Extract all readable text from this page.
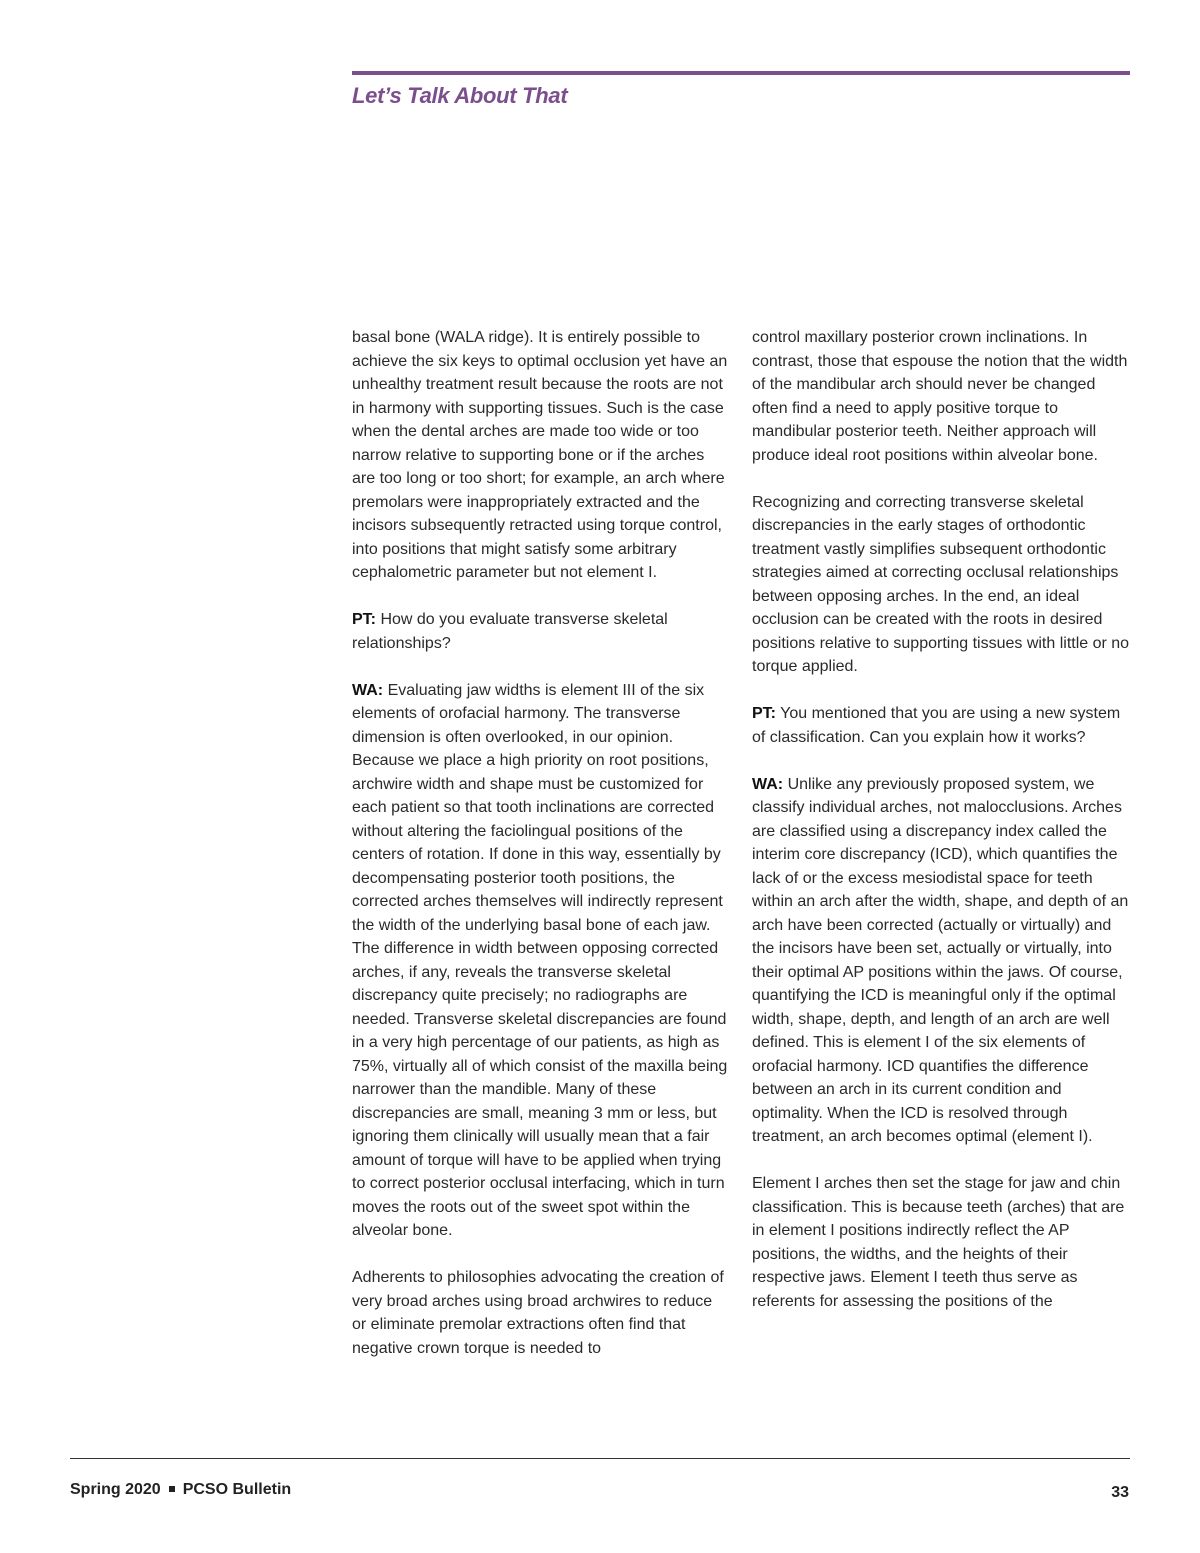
Let’s Talk About That

basal bone (WALA ridge). It is entirely possible to achieve the six keys to optimal occlusion yet have an unhealthy treatment result because the roots are not in harmony with supporting tissues. Such is the case when the dental arches are made too wide or too narrow relative to supporting bone or if the arches are too long or too short; for example, an arch where premolars were inappropriately extracted and the incisors subsequently retracted using torque control, into positions that might satisfy some arbitrary cephalometric parameter but not element I.

PT: How do you evaluate transverse skeletal relationships?

WA: Evaluating jaw widths is element III of the six elements of orofacial harmony. The transverse dimension is often overlooked, in our opinion. Because we place a high priority on root positions, archwire width and shape must be customized for each patient so that tooth inclinations are corrected without altering the faciolingual positions of the centers of rotation. If done in this way, essentially by decompensating posterior tooth positions, the corrected arches themselves will indirectly represent the width of the underlying basal bone of each jaw. The difference in width between opposing corrected arches, if any, reveals the transverse skeletal discrepancy quite precisely; no radiographs are needed. Transverse skeletal discrepancies are found in a very high percentage of our patients, as high as 75%, virtually all of which consist of the maxilla being narrower than the mandible. Many of these discrepancies are small, meaning 3 mm or less, but ignoring them clinically will usually mean that a fair amount of torque will have to be applied when trying to correct posterior occlusal interfacing, which in turn moves the roots out of the sweet spot within the alveolar bone.

Adherents to philosophies advocating the creation of very broad arches using broad archwires to reduce or eliminate premolar extractions often find that negative crown torque is needed to

control maxillary posterior crown inclinations. In contrast, those that espouse the notion that the width of the mandibular arch should never be changed often find a need to apply positive torque to mandibular posterior teeth. Neither approach will produce ideal root positions within alveolar bone.

Recognizing and correcting transverse skeletal discrepancies in the early stages of orthodontic treatment vastly simplifies subsequent orthodontic strategies aimed at correcting occlusal relationships between opposing arches. In the end, an ideal occlusion can be created with the roots in desired positions relative to supporting tissues with little or no torque applied.

PT: You mentioned that you are using a new system of classification. Can you explain how it works?

WA: Unlike any previously proposed system, we classify individual arches, not malocclusions. Arches are classified using a discrepancy index called the interim core discrepancy (ICD), which quantifies the lack of or the excess mesiodistal space for teeth within an arch after the width, shape, and depth of an arch have been corrected (actually or virtually) and the incisors have been set, actually or virtually, into their optimal AP positions within the jaws. Of course, quantifying the ICD is meaningful only if the optimal width, shape, depth, and length of an arch are well defined. This is element I of the six elements of orofacial harmony. ICD quantifies the difference between an arch in its current condition and optimality. When the ICD is resolved through treatment, an arch becomes optimal (element I).

Element I arches then set the stage for jaw and chin classification. This is because teeth (arches) that are in element I positions indirectly reflect the AP positions, the widths, and the heights of their respective jaws. Element I teeth thus serve as referents for assessing the positions of the

Spring 2020 PCSO Bulletin	33
